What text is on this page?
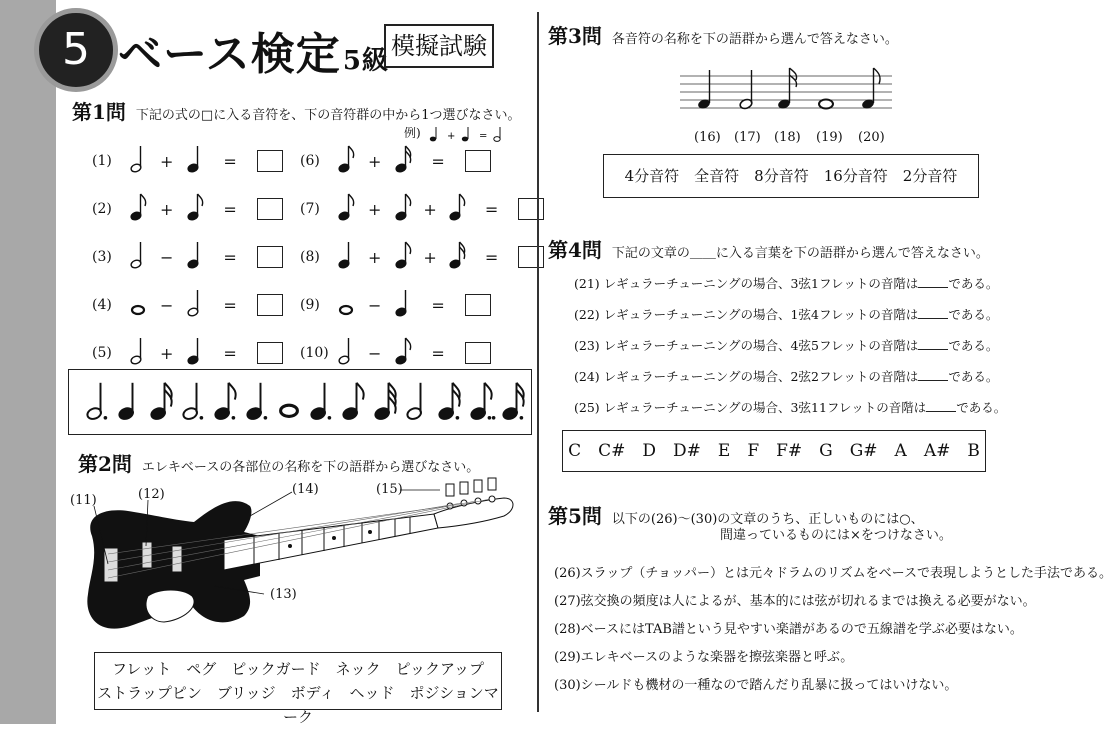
5 ベース検定5級 模擬試験
第1問 下記の式の□に入る音符を、下の音符群の中から1つ選びなさい。
例)	+ =
(1)	+	=
(2)	+	=
(3)	−	=
(4)	−	=
(5)	+	=
(6)	+	=
(7)	+	+	=
(8)	+	+	=
(9)	−	=
(10) −	=
第2問 エレキベースの各部位の名称を下の語群から選びなさい。
(11)	(12)
(13)
(14)	(15)
フレット　ペグ　ピックガード　ネック　ピックアップ
ストラップピン　ブリッジ　ボディ　ヘッド　ポジションマーク
第3問 各音符の名称を下の語群から選んで答えなさい。
(16) (17) (18) (19) (20)
4分音符　全音符　8分音符　16分音符　2分音符
第4問 下記の文章の＿＿に入る言葉を下の語群から選んで答えなさい。
(21) レギュラーチューニングの場合、3弦1フレットの音階は である。
(22) レギュラーチューニングの場合、1弦4フレットの音階は である。
(23) レギュラーチューニングの場合、4弦5フレットの音階は である。
(24) レギュラーチューニングの場合、2弦2フレットの音階は である。
(25) レギュラーチューニングの場合、3弦11フレットの音階は である。
C　C#　D　D#　E　F　F#　G　G#　A　A#　B
第5問 以下の(26)〜(30)の文章のうち、正しいものには○、
間違っているものには×をつけなさい。
(26)スラップ（チョッパー）とは元々ドラムのリズムをベースで表現しようとした手法である。
(27)弦交換の頻度は人によるが、基本的には弦が切れるまでは換える必要がない。
(28)ベースにはTAB譜という見やすい楽譜があるので五線譜を学ぶ必要はない。
(29)エレキベースのような楽器を擦弦楽器と呼ぶ。
(30)シールドも機材の一種なので踏んだり乱暴に扱ってはいけない。
